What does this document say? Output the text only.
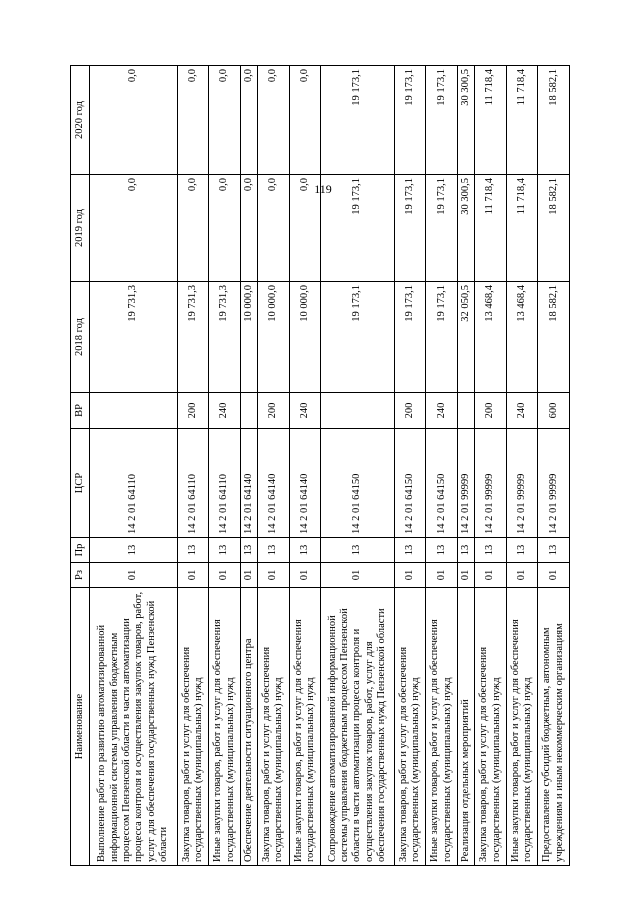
119
Наименование	Рз	Пр	ЦСР	ВР	2018 год	2019 год	2020 год
Выполнение работ по развитию автоматизированной информационной системы управления бюджетным процессом Пензенской области в части автоматизации процесса контроля и осуществления закупок товаров, работ, услуг для обеспечения государственных нужд Пензенской области	01	13	14 2 01 64110		19 731,3	0,0	0,0
Закупка товаров, работ и услуг для обеспечения государственных (муниципальных) нужд	01	13	14 2 01 64110	200	19 731,3	0,0	0,0
Иные закупки товаров, работ и услуг для обеспечения государственных (муниципальных) нужд	01	13	14 2 01 64110	240	19 731,3	0,0	0,0
Обеспечение деятельности ситуационного центра	01	13	14 2 01 64140		10 000,0	0,0	0,0
Закупка товаров, работ и услуг для обеспечения государственных (муниципальных) нужд	01	13	14 2 01 64140	200	10 000,0	0,0	0,0
Иные закупки товаров, работ и услуг для обеспечения государственных (муниципальных) нужд	01	13	14 2 01 64140	240	10 000,0	0,0	0,0
Сопровождение автоматизированной информационной системы управления бюджетным процессом Пензенской области в части автоматизации процесса контроля и осуществления закупок товаров, работ, услуг для обеспечения государственных нужд Пензенской области	01	13	14 2 01 64150		19 173,1	19 173,1	19 173,1
Закупка товаров, работ и услуг для обеспечения государственных (муниципальных) нужд	01	13	14 2 01 64150	200	19 173,1	19 173,1	19 173,1
Иные закупки товаров, работ и услуг для обеспечения государственных (муниципальных) нужд	01	13	14 2 01 64150	240	19 173,1	19 173,1	19 173,1
Реализация отдельных мероприятий	01	13	14 2 01 99999		32 050,5	30 300,5	30 300,5
Закупка товаров, работ и услуг для обеспечения государственных (муниципальных) нужд	01	13	14 2 01 99999	200	13 468,4	11 718,4	11 718,4
Иные закупки товаров, работ и услуг для обеспечения государственных (муниципальных) нужд	01	13	14 2 01 99999	240	13 468,4	11 718,4	11 718,4
Предоставление субсидий бюджетным, автономным учреждениям и иным некоммерческим организациям	01	13	14 2 01 99999	600	18 582,1	18 582,1	18 582,1
